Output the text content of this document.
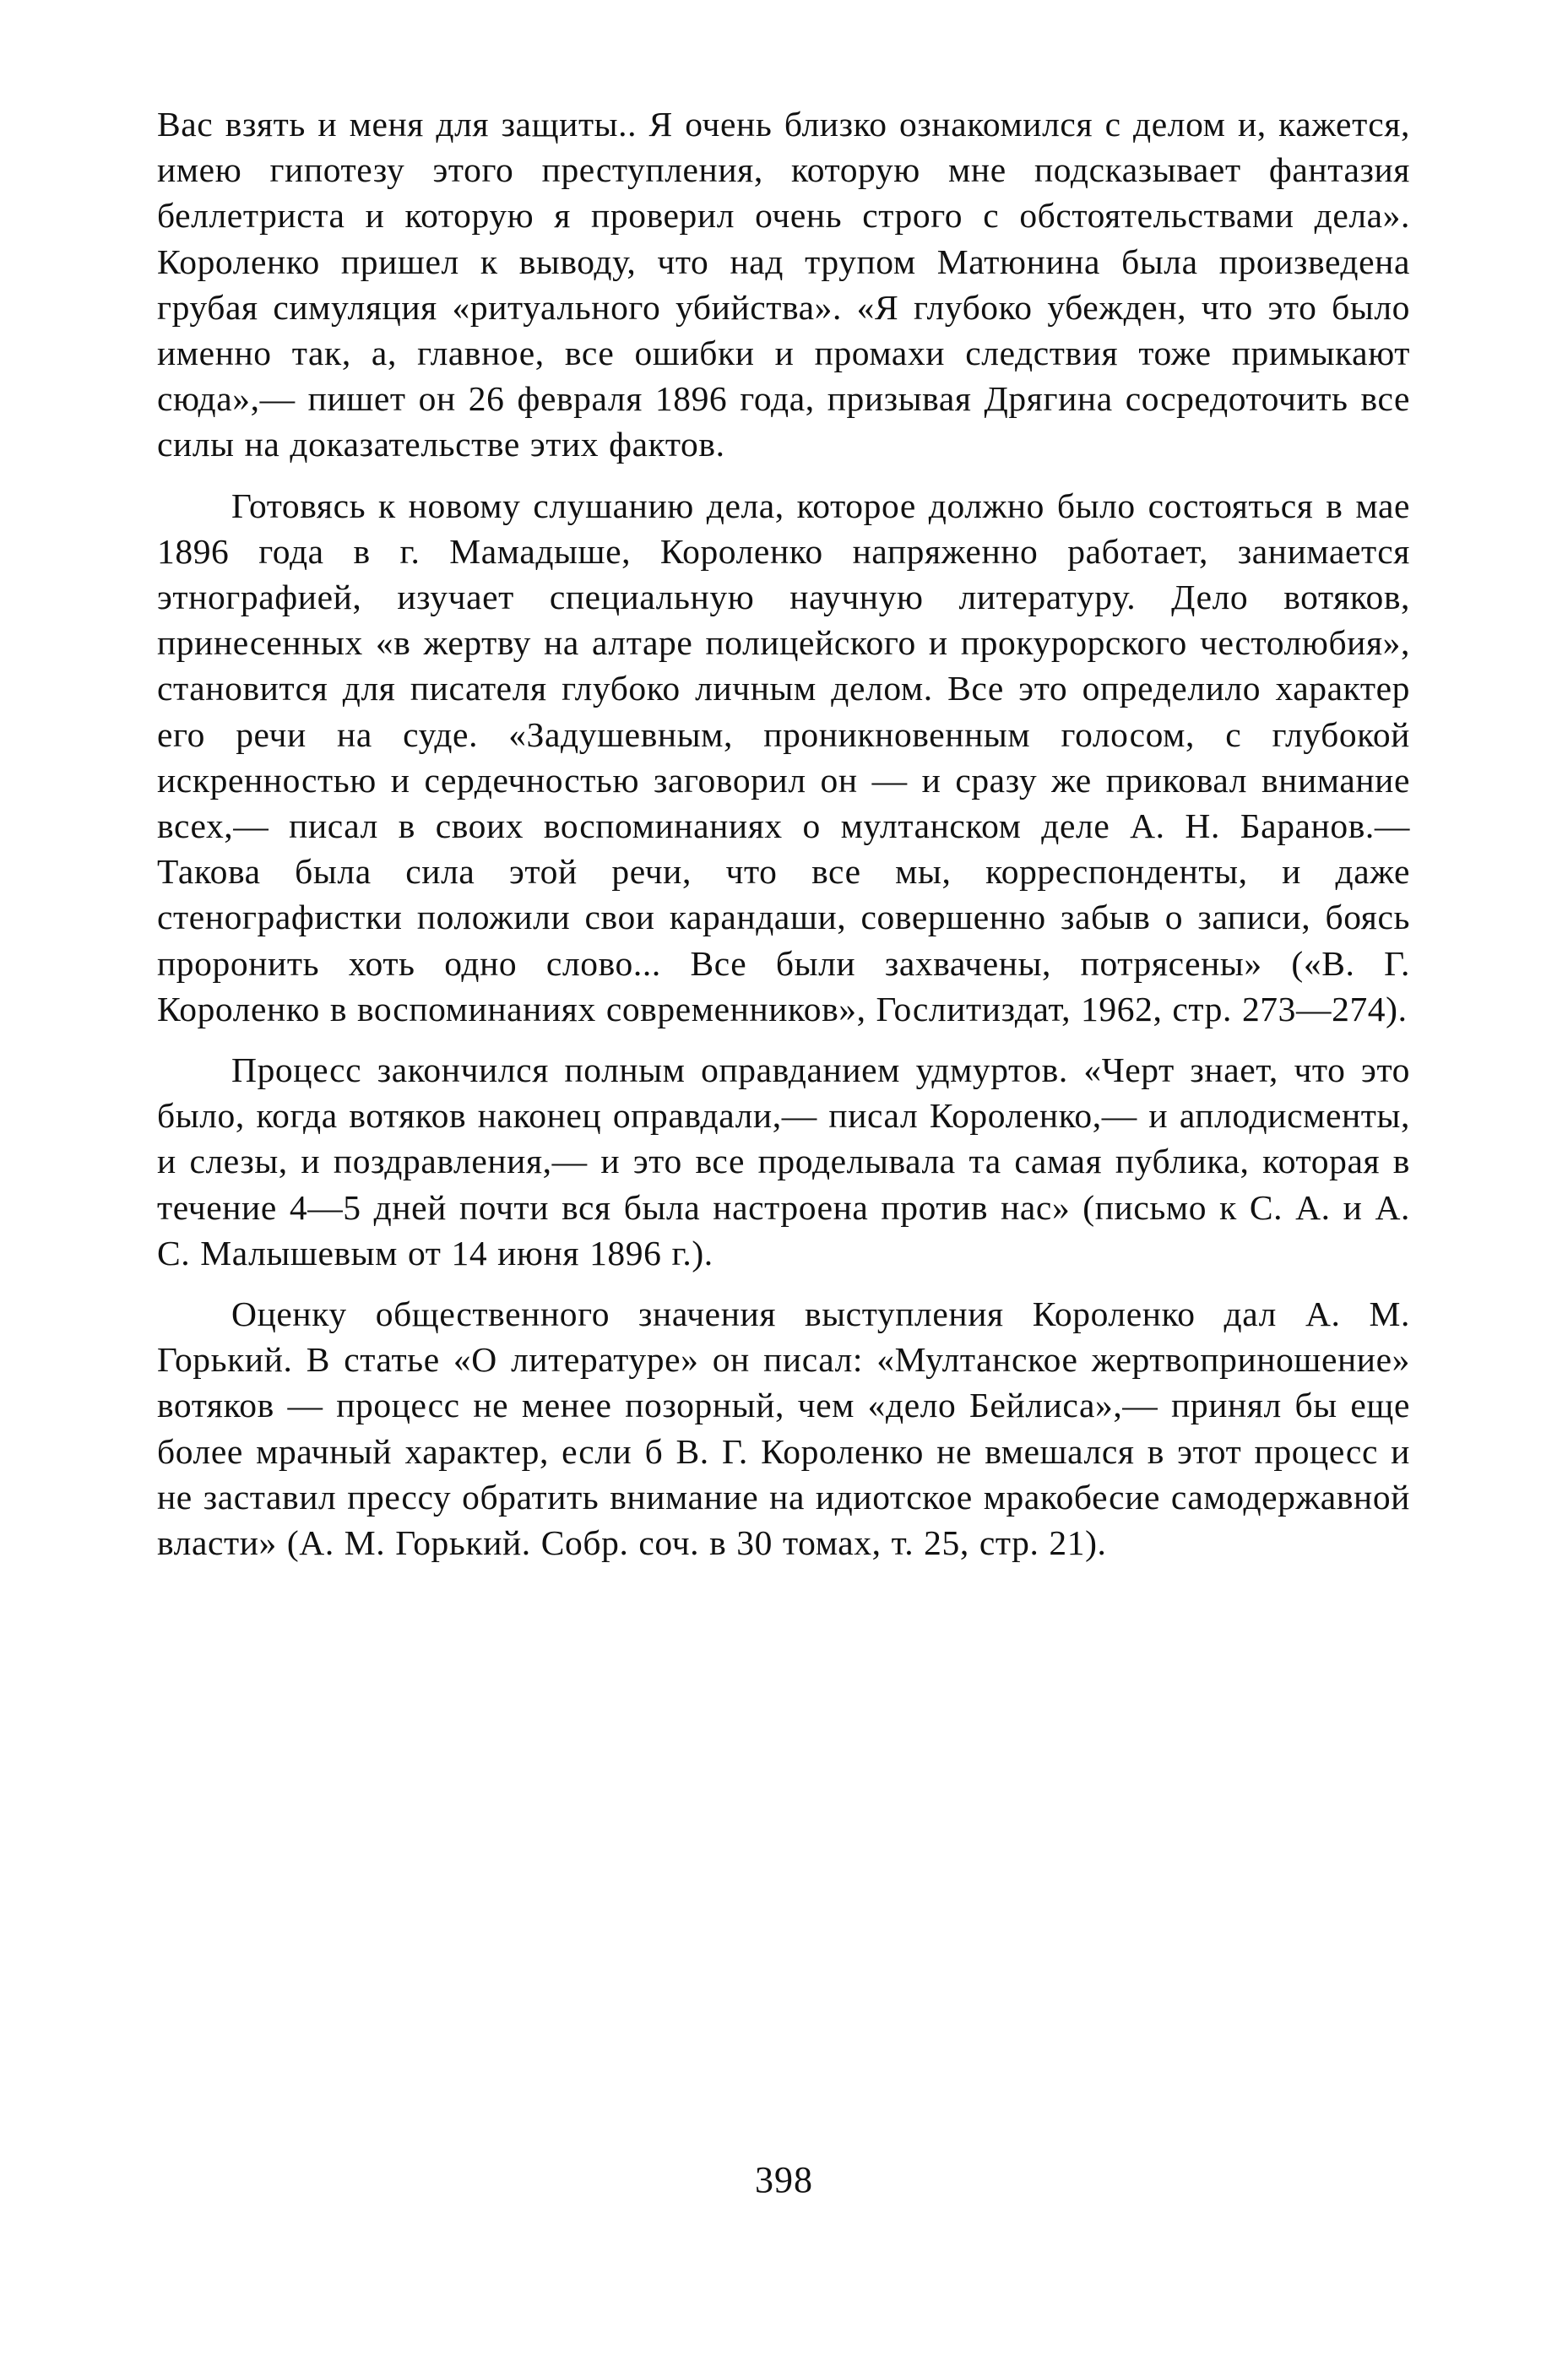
Вас взять и меня для защиты.. Я очень близко ознакомился с делом и, кажется, имею гипотезу этого преступления, которую мне подсказывает фантазия беллетриста и которую я проверил очень строго с обстоятельствами дела». Короленко пришел к выводу, что над трупом Матюнина была произведена грубая симуляция «ритуального убийства». «Я глубоко убежден, что это было именно так, а, главное, все ошибки и промахи следствия тоже примыкают сюда»,— пишет он 26 февраля 1896 года, призывая Дрягина сосредоточить все силы на доказательстве этих фактов.

Готовясь к новому слушанию дела, которое должно было состояться в мае 1896 года в г. Мамадыше, Короленко напряженно работает, занимается этнографией, изучает специальную научную литературу. Дело вотяков, принесенных «в жертву на алтаре полицейского и прокурорского честолюбия», становится для писателя глубоко личным делом. Все это определило характер его речи на суде. «Задушевным, проникновенным голосом, с глубокой искренностью и сердечностью заговорил он — и сразу же приковал внимание всех,— писал в своих воспоминаниях о мултанском деле А. Н. Баранов.— Такова была сила этой речи, что все мы, корреспонденты, и даже стенографистки положили свои карандаши, совершенно забыв о записи, боясь проронить хоть одно слово... Все были захвачены, потрясены» («В. Г. Короленко в воспоминаниях современников», Гослитиздат, 1962, стр. 273—274).

Процесс закончился полным оправданием удмуртов. «Черт знает, что это было, когда вотяков наконец оправдали,— писал Короленко,— и аплодисменты, и слезы, и поздравления,— и это все проделывала та самая публика, которая в течение 4—5 дней почти вся была настроена против нас» (письмо к С. А. и А. С. Малышевым от 14 июня 1896 г.).

Оценку общественного значения выступления Короленко дал А. М. Горький. В статье «О литературе» он писал: «Мултанское жертвоприношение» вотяков — процесс не менее позорный, чем «дело Бейлиса»,— принял бы еще более мрачный характер, если б В. Г. Короленко не вмешался в этот процесс и не заставил прессу обратить внимание на идиотское мракобесие самодержавной власти» (А. М. Горький. Собр. соч. в 30 томах, т. 25, стр. 21).

398
